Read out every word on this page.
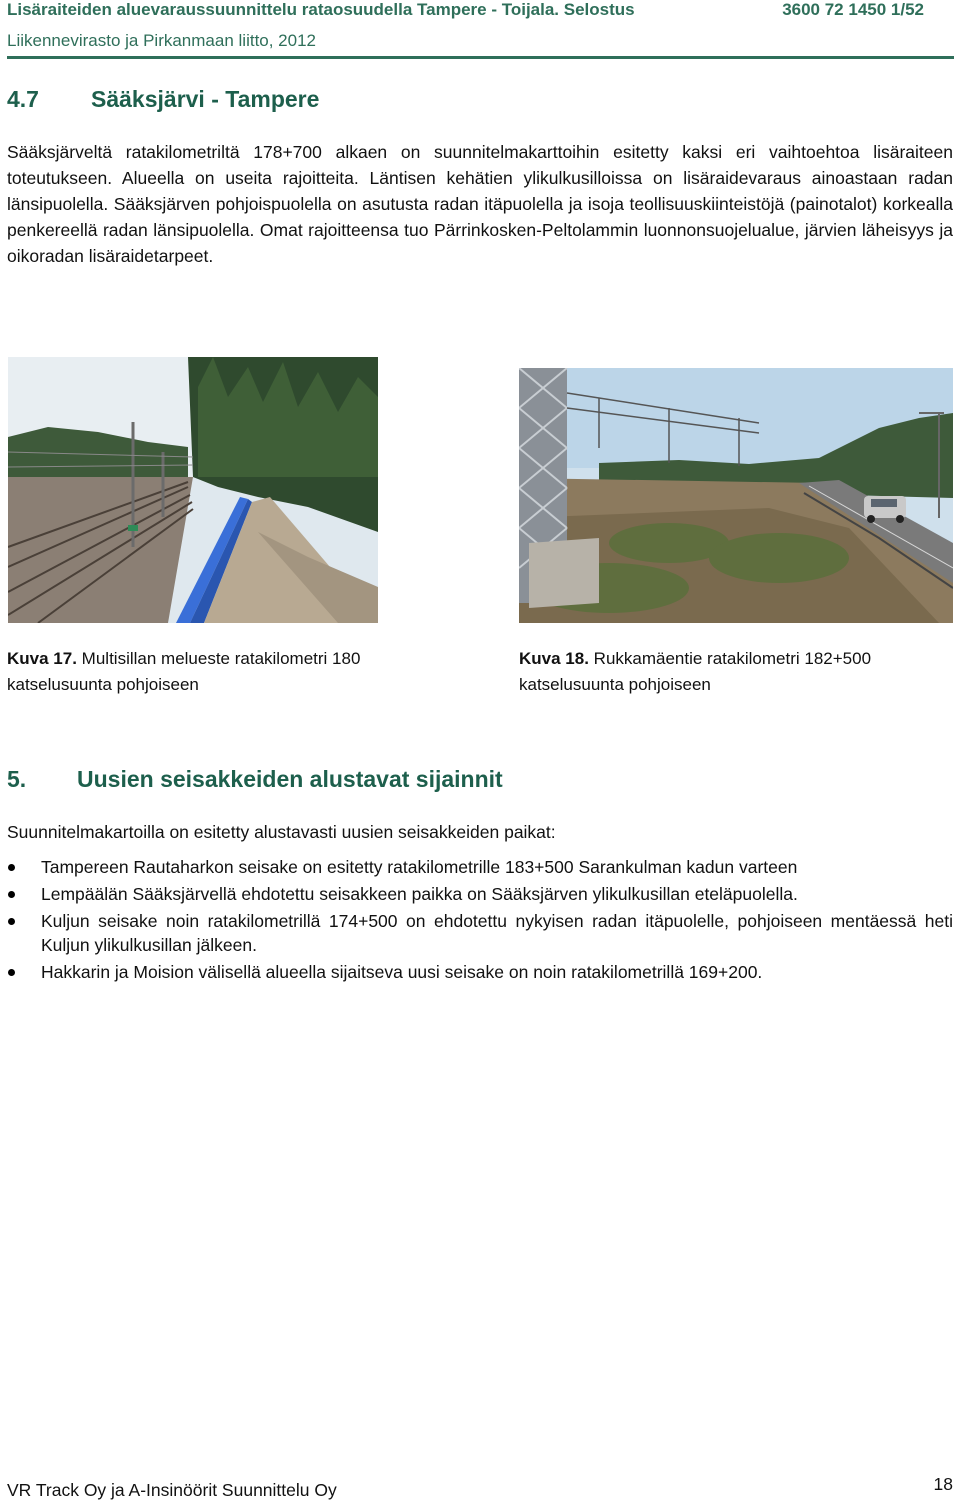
Lisäraiteiden aluevaraussuunnittelu rataosuudella Tampere - Toijala. Selostus	3600 72 1450 1/52
Liikennevirasto ja Pirkanmaan liitto, 2012
4.7 Sääksjärvi - Tampere

Sääksjärveltä ratakilometriltä 178+700 alkaen on suunnitelmakarttoihin esitetty kaksi eri vaihtoehtoa lisäraiteen toteutukseen. Alueella on useita rajoitteita. Läntisen kehätien ylikulkusilloissa on lisäraidevaraus ainoastaan radan länsipuolella. Sääksjärven pohjoispuolella on asutusta radan itäpuolella ja isoja teollisuuskiinteistöjä (painotalot) korkealla penkereellä radan länsipuolella. Omat rajoitteensa tuo Pärrinkosken-Peltolammin luonnonsuojelualue, järvien läheisyys ja oikoradan lisäraidetarpeet.

Kuva 17. Multisillan melueste ratakilometri 180 katselusuunta pohjoiseen
Kuva 18. Rukkamäentie ratakilometri 182+500 katselusuunta pohjoiseen
5. Uusien seisakkeiden alustavat sijainnit
Suunnitelmakartoilla on esitetty alustavasti uusien seisakkeiden paikat:
Tampereen Rautaharkon seisake on esitetty ratakilometrille 183+500 Sarankulman kadun varteen
Lempäälän Sääksjärvellä ehdotettu seisakkeen paikka on Sääksjärven ylikulkusillan eteläpuolella.
Kuljun seisake noin ratakilometrillä 174+500 on ehdotettu nykyisen radan itäpuolelle, pohjoiseen mentäessä heti Kuljun ylikulkusillan jälkeen.
Hakkarin ja Moision välisellä alueella sijaitseva uusi seisake on noin ratakilometrillä 169+200.
VR Track Oy ja A-Insinöörit Suunnittelu Oy	18
